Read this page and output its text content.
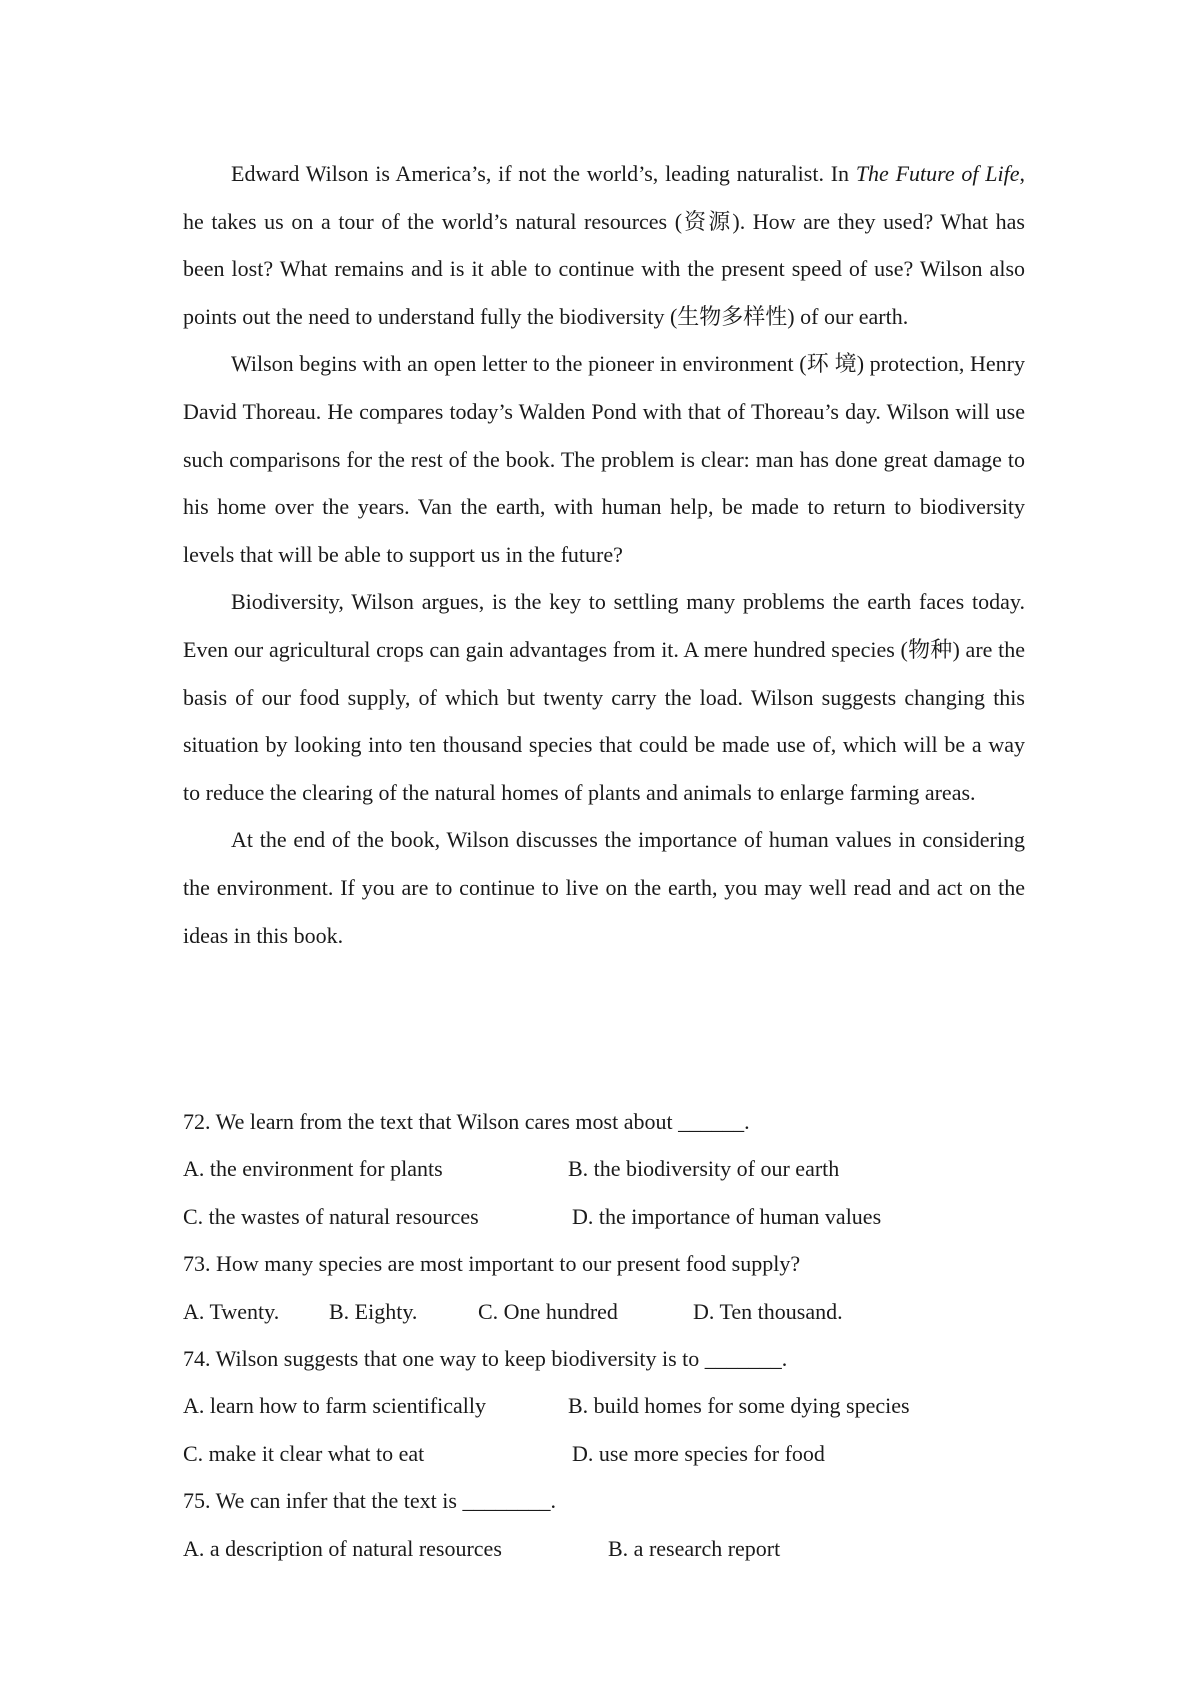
Edward Wilson is America’s, if not the world’s, leading naturalist. In The Future of Life, he takes us on a tour of the world’s natural resources (资源). How are they used? What has been lost? What remains and is it able to continue with the present speed of use? Wilson also points out the need to understand fully the biodiversity (生物多样性) of our earth.

Wilson begins with an open letter to the pioneer in environment (环 境) protection, Henry David Thoreau. He compares today’s Walden Pond with that of Thoreau’s day. Wilson will use such comparisons for the rest of the book. The problem is clear: man has done great damage to his home over the years. Van the earth, with human help, be made to return to biodiversity levels that will be able to support us in the future?

Biodiversity, Wilson argues, is the key to settling many problems the earth faces today. Even our agricultural crops can gain advantages from it. A mere hundred species (物种) are the basis of our food supply, of which but twenty carry the load. Wilson suggests changing this situation by looking into ten thousand species that could be made use of, which will be a way to reduce the clearing of the natural homes of plants and animals to enlarge farming areas.

At the end of the book, Wilson discusses the importance of human values in considering the environment. If you are to continue to live on the earth, you may well read and act on the ideas in this book.

72. We learn from the text that Wilson cares most about ______.
A. the environment for plants	B. the biodiversity of our earth
C. the wastes of natural resources	D. the importance of human values
73. How many species are most important to our present food supply?
A. Twenty. B. Eighty.	C. One hundred	D. Ten thousand.
74. Wilson suggests that one way to keep biodiversity is to _______.
A. learn how to farm scientifically	B. build homes for some dying species
C. make it clear what to eat	D. use more species for food
75. We can infer that the text is ________.
A. a description of natural resources	B. a research report
